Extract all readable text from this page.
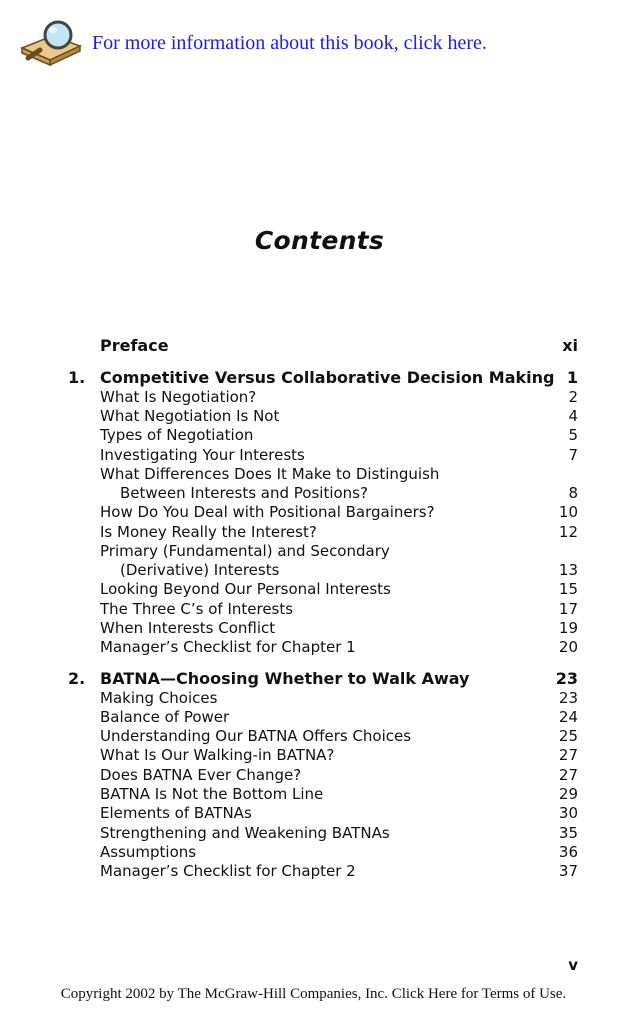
For more information about this book, click here.
Contents
Preface	xi
1. Competitive Versus Collaborative Decision Making 1
What Is Negotiation?	2
What Negotiation Is Not	4
Types of Negotiation	5
Investigating Your Interests	7
What Differences Does It Make to Distinguish
Between Interests and Positions?	8
How Do You Deal with Positional Bargainers?	10
Is Money Really the Interest?	12
Primary (Fundamental) and Secondary
(Derivative) Interests	13
Looking Beyond Our Personal Interests	15
The Three C’s of Interests	17
When Interests Conflict	19
Manager’s Checklist for Chapter 1	20
2. BATNA—Choosing Whether to Walk Away	23
Making Choices	23
Balance of Power	24
Understanding Our BATNA Offers Choices	25
What Is Our Walking-in BATNA?	27
Does BATNA Ever Change?	27
BATNA Is Not the Bottom Line	29
Elements of BATNAs	30
Strengthening and Weakening BATNAs	35
Assumptions	36
Manager’s Checklist for Chapter 2	37
v
Copyright 2002 by The McGraw-Hill Companies, Inc. Click Here for Terms of Use.
